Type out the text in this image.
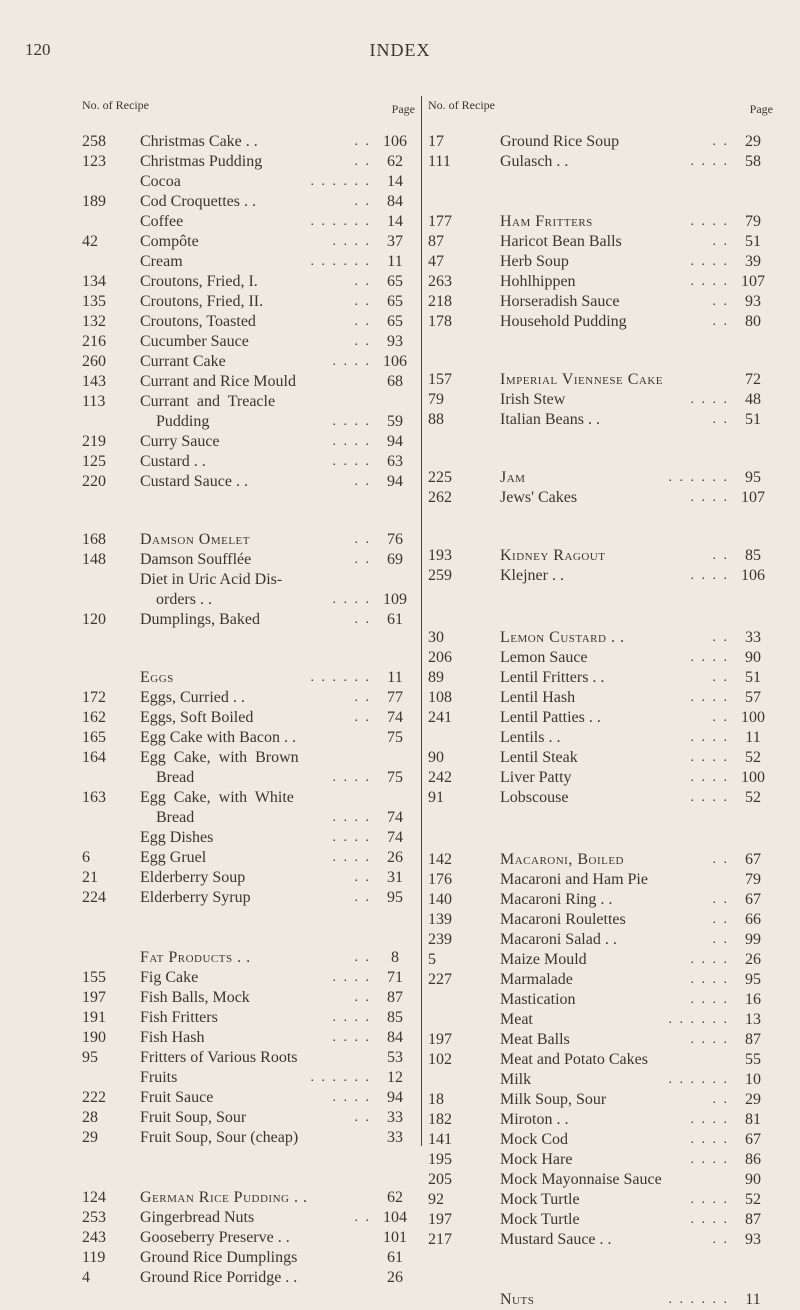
120	INDEX
No. of Recipe	Page
258	Christmas Cake . .	. . 106
123	Christmas Pudding	. .	62
Cocoa	. . . . . .	14
189	Cod Croquettes . .	. .	84
Coffee	. . . . . .	14
42	Compôte	. . . .	37
Cream	. . . . . .	11
134	Croutons, Fried, I.	. .	65
135	Croutons, Fried, II.	. .	65
132	Croutons, Toasted	. .	65
216	Cucumber Sauce	. .	93
260	Currant Cake	. . . . 106
143	Currant and Rice Mould	68
113	Currant  and  Treacle
Pudding	. . . .	59
219	Curry Sauce	. . . .	94
125	Custard . .	. . . .	63
220	Custard Sauce . .	. .	94
168	Damson Omelet	. .	76
148	Damson Soufflée	. .	69
Diet in Uric Acid Dis-
orders . .	. . . . 109
120	Dumplings, Baked	. .	61
Eggs	. . . . . .	11
172	Eggs, Curried . .	. .	77
162	Eggs, Soft Boiled	. .	74
165	Egg Cake with Bacon . .	75
164	Egg  Cake,  with  Brown
Bread	. . . .	75
163	Egg  Cake,  with  White
Bread	. . . .	74
Egg Dishes	. . . .	74
6	Egg Gruel	. . . .	26
21	Elderberry Soup	. .	31
224	Elderberry Syrup	. .	95
Fat Products . .	. .	8
155	Fig Cake	. . . .	71
197	Fish Balls, Mock	. .	87
191	Fish Fritters	. . . .	85
190	Fish Hash	. . . .	84
95	Fritters of Various Roots	53
Fruits	. . . . . .	12
222	Fruit Sauce	. . . .	94
28	Fruit Soup, Sour	. .	33
29	Fruit Soup, Sour (cheap)	33
124	German Rice Pudding . .	62
253	Gingerbread Nuts	. . 104
243	Gooseberry Preserve . .	101
119	Ground Rice Dumplings	61
4	Ground Rice Porridge . .	26
No. of Recipe	Page
17	Ground Rice Soup	. .	29
111	Gulasch . .	. . . .	58
177	Ham Fritters	. . . .	79
87	Haricot Bean Balls	. .	51
47	Herb Soup	. . . .	39
263	Hohlhippen	. . . . 107
218	Horseradish Sauce	. .	93
178	Household Pudding	. .	80
157	Imperial Viennese Cake	72
79	Irish Stew	. . . .	48
88	Italian Beans . .	. .	51
225	Jam	. . . . . .	95
262	Jews' Cakes	. . . . 107
193	Kidney Ragout	. .	85
259	Klejner . .	. . . . 106
30	Lemon Custard . .	. .	33
206	Lemon Sauce	. . . .	90
89	Lentil Fritters . .	. .	51
108	Lentil Hash	. . . .	57
241	Lentil Patties . .	. . 100
Lentils . .	. . . .	11
90	Lentil Steak	. . . .	52
242	Liver Patty	. . . . 100
91	Lobscouse	. . . .	52
142	Macaroni, Boiled	. .	67
176	Macaroni and Ham Pie	79
140	Macaroni Ring . .	. .	67
139	Macaroni Roulettes	. .	66
239	Macaroni Salad . .	. .	99
5	Maize Mould	. . . .	26
227	Marmalade	. . . .	95
Mastication	. . . .	16
Meat	. . . . . .	13
197	Meat Balls	. . . .	87
102	Meat and Potato Cakes	55
Milk	. . . . . .	10
18	Milk Soup, Sour	. .	29
182	Miroton . .	. . . .	81
141	Mock Cod	. . . .	67
195	Mock Hare	. . . .	86
205	Mock Mayonnaise Sauce	90
92	Mock Turtle	. . . .	52
197	Mock Turtle	. . . .	87
217	Mustard Sauce . .	. .	93
Nuts	. . . . . .	11
